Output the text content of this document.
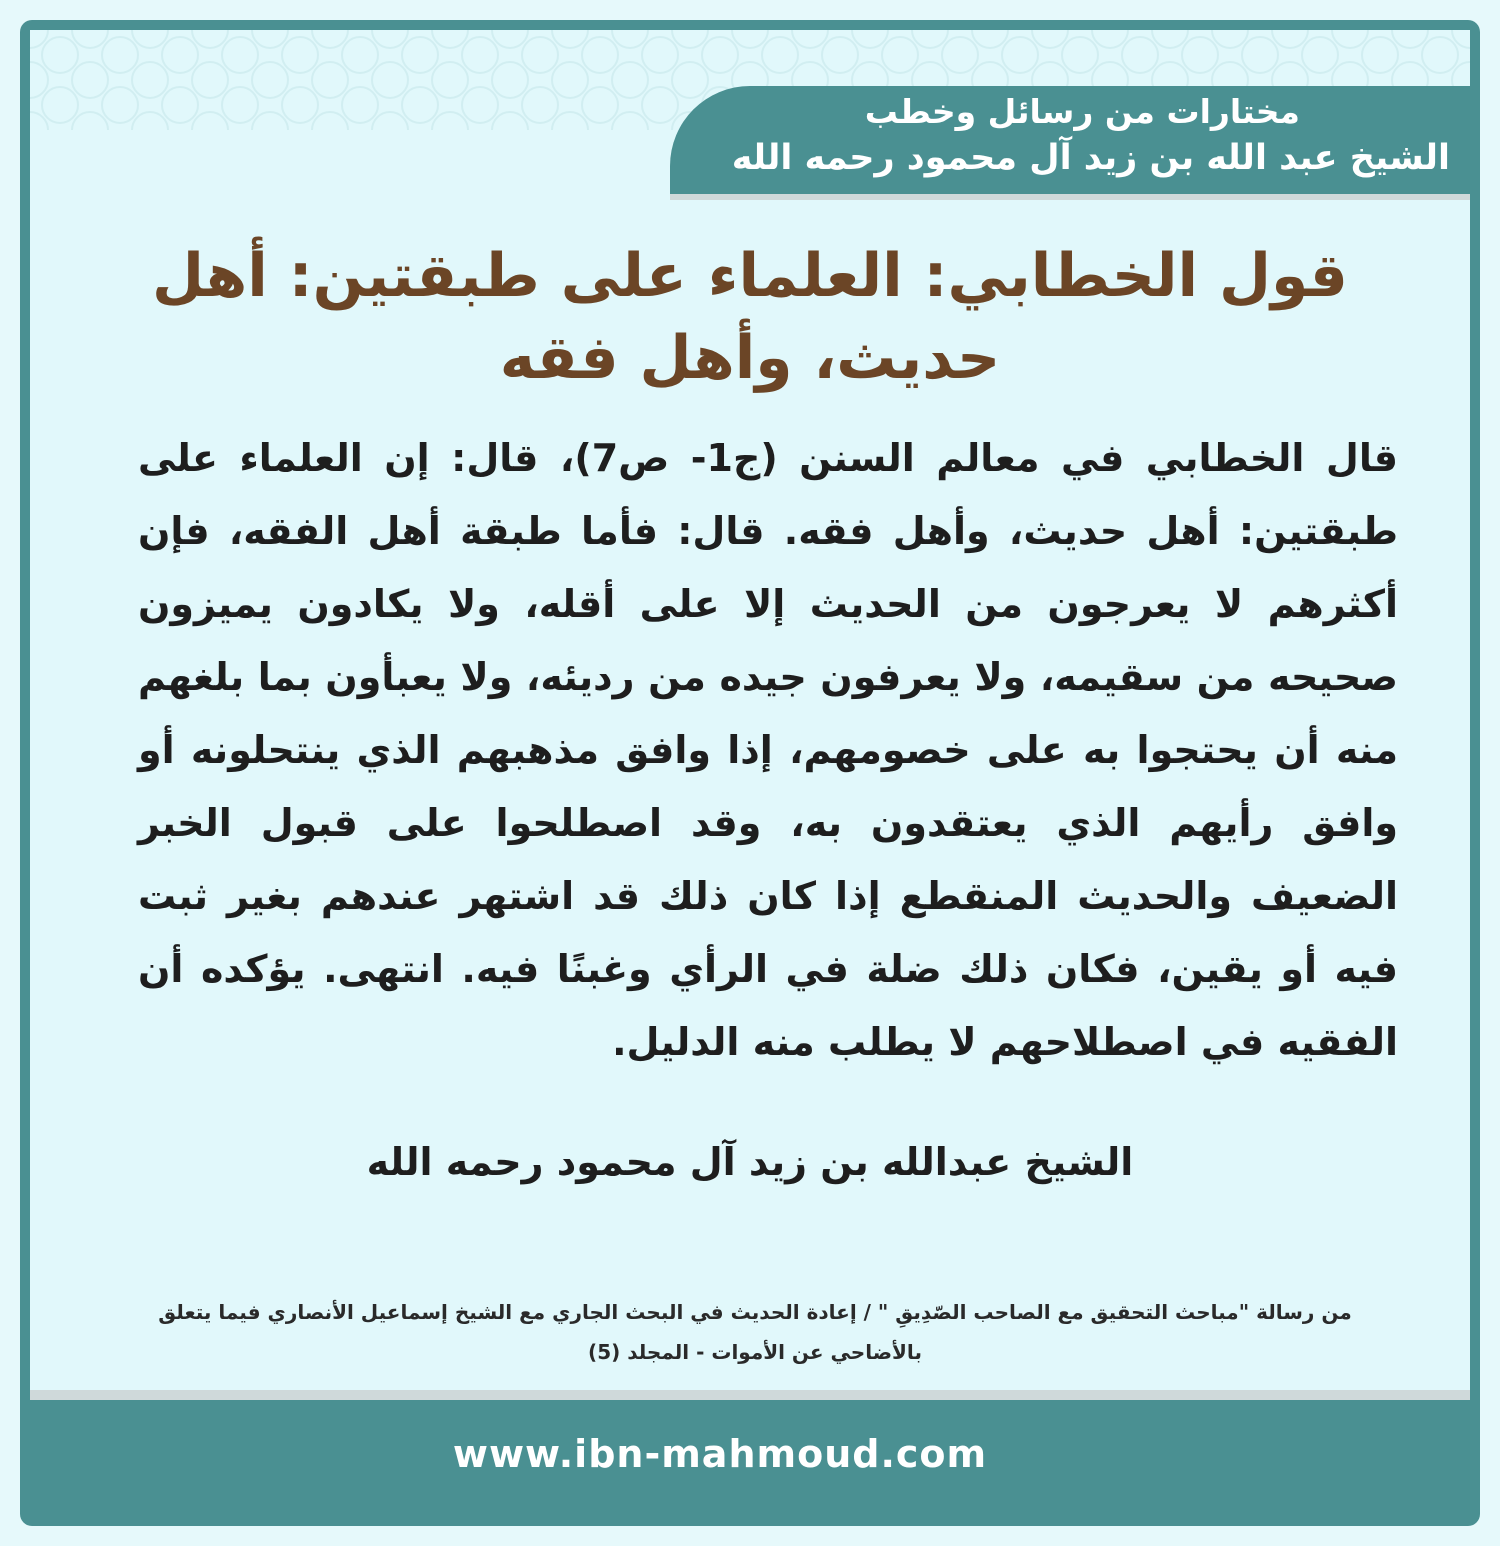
مختارات من رسائل وخطب
الشيخ عبد الله بن زيد آل محمود رحمه الله
قول الخطابي: العلماء على طبقتين: أهل حديث، وأهل فقه
قال الخطابي في معالم السنن (ج1- ص7)، قال: إن العلماء على طبقتين: أهل حديث، وأهل فقه. قال: فأما طبقة أهل الفقه، فإن أكثرهم لا يعرجون من الحديث إلا على أقله، ولا يكادون يميزون صحيحه من سقيمه، ولا يعرفون جيده من رديئه، ولا يعبأون بما بلغهم منه أن يحتجوا به على خصومهم، إذا وافق مذهبهم الذي ينتحلونه أو وافق رأيهم الذي يعتقدون به، وقد اصطلحوا على قبول الخبر الضعيف والحديث المنقطع إذا كان ذلك قد اشتهر عندهم بغير ثبت فيه أو يقين، فكان ذلك ضلة في الرأي وغبنًا فيه. انتهى. يؤكده أن الفقيه في اصطلاحهم لا يطلب منه الدليل.
الشيخ عبدالله بن زيد آل محمود رحمه الله
من رسالة "مباحث التحقيق مع الصاحب الصّدِيقِ " / إعادة الحديث في البحث الجاري مع الشيخ إسماعيل الأنصاري فيما يتعلق بالأضاحي عن الأموات - المجلد (5)
www.ibn-mahmoud.com
